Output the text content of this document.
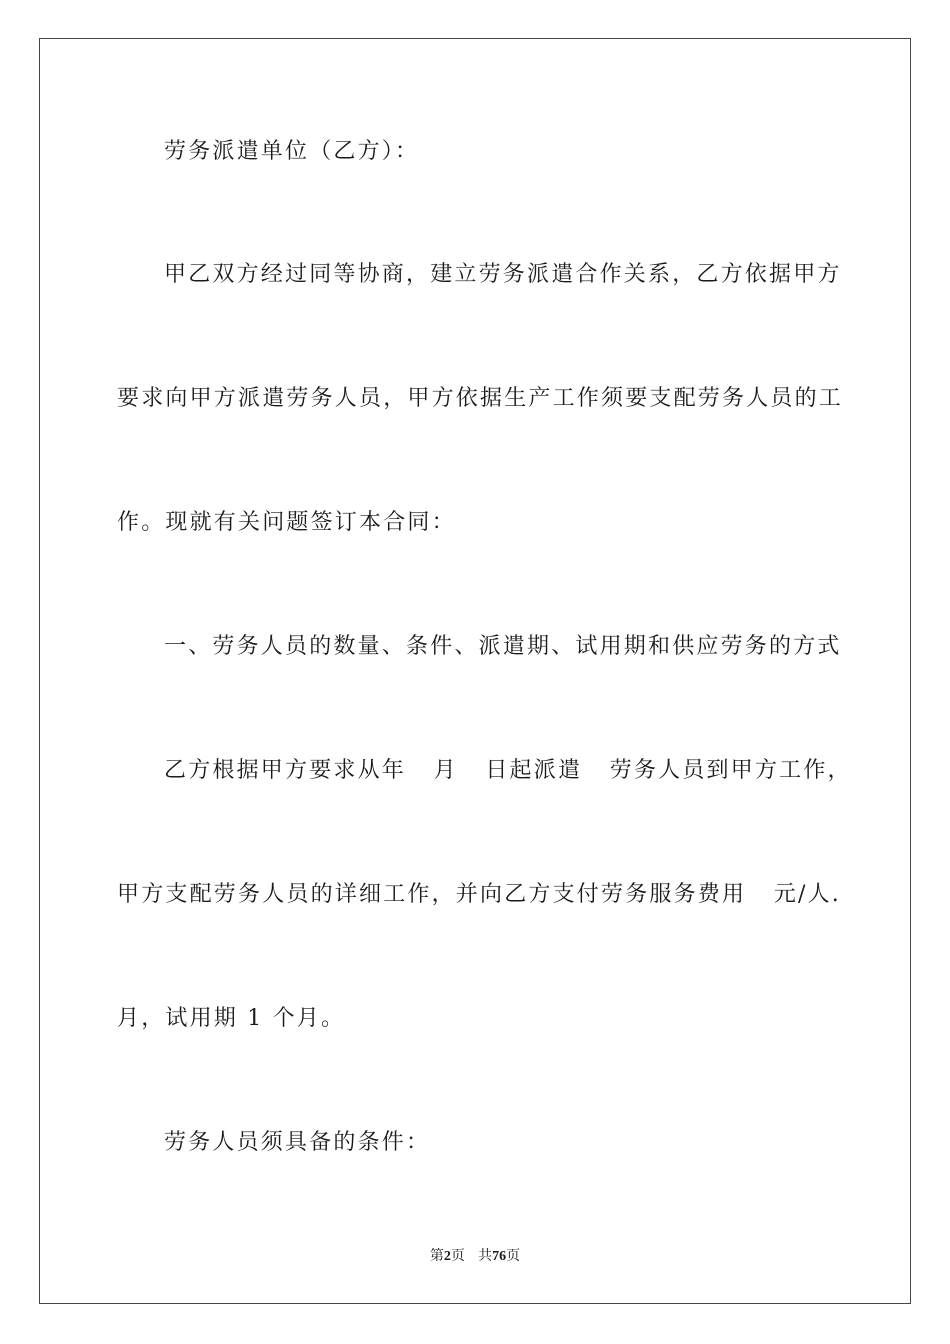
劳务派遣单位（乙方）：
甲乙双方经过同等协商，建立劳务派遣合作关系，乙方依据甲方
要求向甲方派遣劳务人员，甲方依据生产工作须要支配劳务人员的工
作。现就有关问题签订本合同：
一、劳务人员的数量、条件、派遣期、试用期和供应劳务的方式
乙方根据甲方要求从年   月   日起派遣   劳务人员到甲方工作，
甲方支配劳务人员的详细工作，并向乙方支付劳务服务费用   元/人.
月，试用期 1 个月。
劳务人员须具备的条件：
第2页 共76页
